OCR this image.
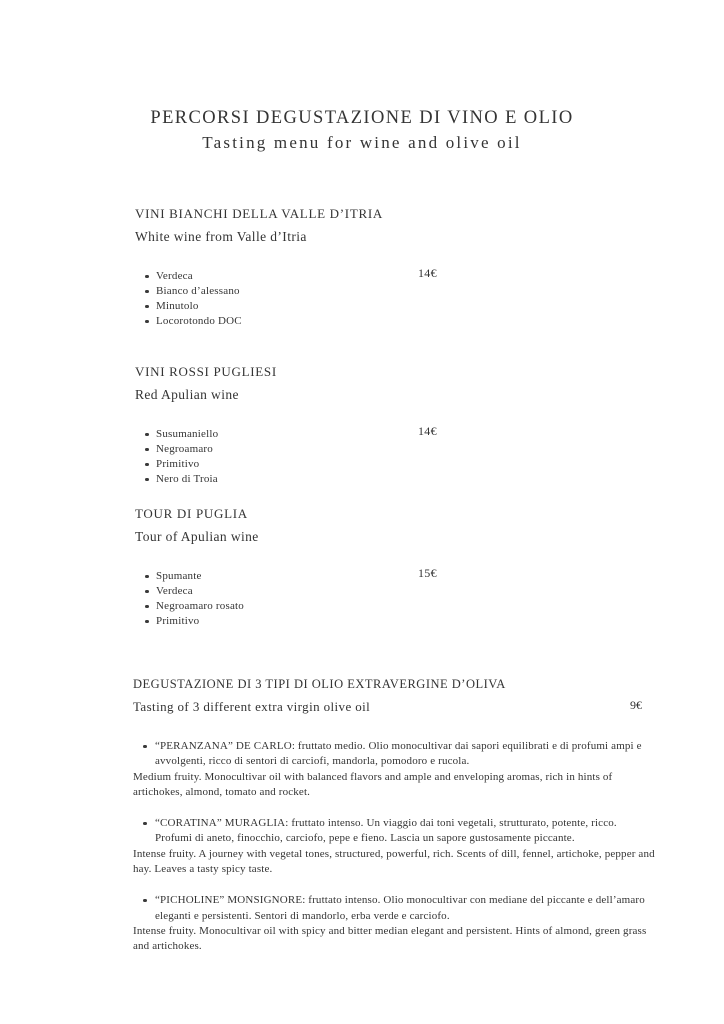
PERCORSI DEGUSTAZIONE DI VINO E OLIO
Tasting menu for wine and olive oil
VINI BIANCHI DELLA VALLE D’ITRIA
White wine from Valle d’Itria
14€
Verdeca
Bianco d’alessano
Minutolo
Locorotondo DOC
VINI ROSSI PUGLIESI
Red Apulian wine
14€
Susumaniello
Negroamaro
Primitivo
Nero di Troia
TOUR DI PUGLIA
Tour of Apulian wine
15€
Spumante
Verdeca
Negroamaro rosato
Primitivo
DEGUSTAZIONE DI 3 TIPI DI OLIO EXTRAVERGINE D’OLIVA
Tasting of 3 different extra virgin olive oil	9€
“PERANZANA” DE CARLO: fruttato medio. Olio monocultivar dai sapori equilibrati e di profumi ampi e avvolgenti, ricco di sentori di carciofi, mandorla, pomodoro e rucola.
Medium fruity. Monocultivar oil with balanced flavors and ample and enveloping aromas, rich in hints of artichokes, almond, tomato and rocket.
“CORATINA” MURAGLIA: fruttato intenso. Un viaggio dai toni vegetali, strutturato, potente, ricco. Profumi di aneto, finocchio, carciofo, pepe e fieno. Lascia un sapore gustosamente piccante.
Intense fruity. A journey with vegetal tones, structured, powerful, rich. Scents of dill, fennel, artichoke, pepper and hay. Leaves a tasty spicy taste.
“PICHOLINE” MONSIGNORE: fruttato intenso. Olio monocultivar con mediane del piccante e dell’amaro eleganti e persistenti. Sentori di mandorlo, erba verde e carciofo.
Intense fruity. Monocultivar oil with spicy and bitter median elegant and persistent. Hints of almond, green grass and artichokes.
